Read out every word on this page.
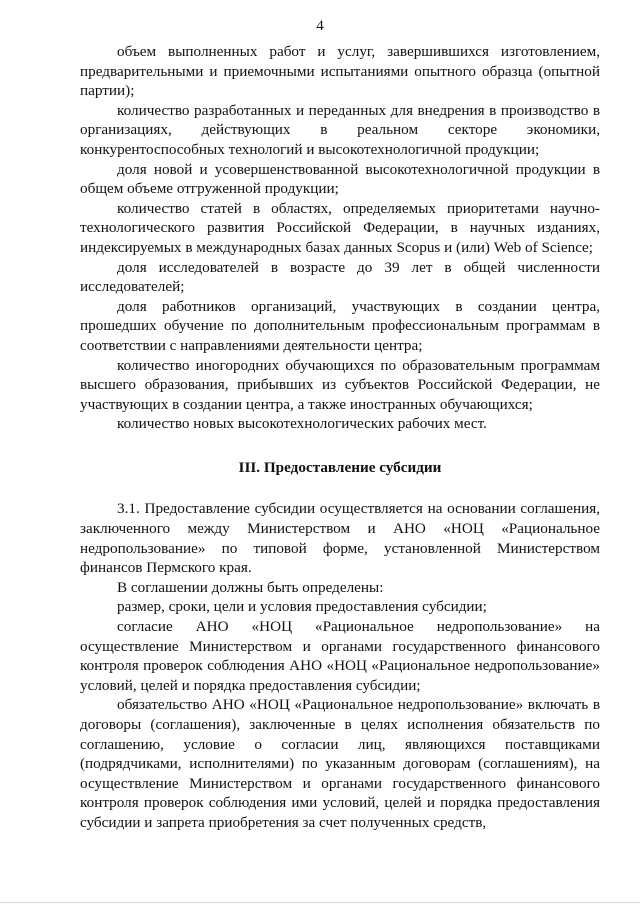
4

объем выполненных работ и услуг, завершившихся изготовлением, предварительными и приемочными испытаниями опытного образца (опытной партии);

количество разработанных и переданных для внедрения в производство в организациях, действующих в реальном секторе экономики, конкурентоспособных технологий и высокотехнологичной продукции;

доля новой и усовершенствованной высокотехнологичной продукции в общем объеме отгруженной продукции;

количество статей в областях, определяемых приоритетами научно-технологического развития Российской Федерации, в научных изданиях, индексируемых в международных базах данных Scopus и (или) Web of Science;

доля исследователей в возрасте до 39 лет в общей численности исследователей;

доля работников организаций, участвующих в создании центра, прошедших обучение по дополнительным профессиональным программам в соответствии с направлениями деятельности центра;

количество иногородних обучающихся по образовательным программам высшего образования, прибывших из субъектов Российской Федерации, не участвующих в создании центра, а также иностранных обучающихся;

количество новых высокотехнологических рабочих мест.

III. Предоставление субсидии

3.1. Предоставление субсидии осуществляется на основании соглашения, заключенного между Министерством и АНО «НОЦ «Рациональное недропользование» по типовой форме, установленной Министерством финансов Пермского края.

В соглашении должны быть определены:

размер, сроки, цели и условия предоставления субсидии;

согласие АНО «НОЦ «Рациональное недропользование» на осуществление Министерством и органами государственного финансового контроля проверок соблюдения АНО «НОЦ «Рациональное недропользование» условий, целей и порядка предоставления субсидии;

обязательство АНО «НОЦ «Рациональное недропользование» включать в договоры (соглашения), заключенные в целях исполнения обязательств по соглашению, условие о согласии лиц, являющихся поставщиками (подрядчиками, исполнителями) по указанным договорам (соглашениям), на осуществление Министерством и органами государственного финансового контроля проверок соблюдения ими условий, целей и порядка предоставления субсидии и запрета приобретения за счет полученных средств,
